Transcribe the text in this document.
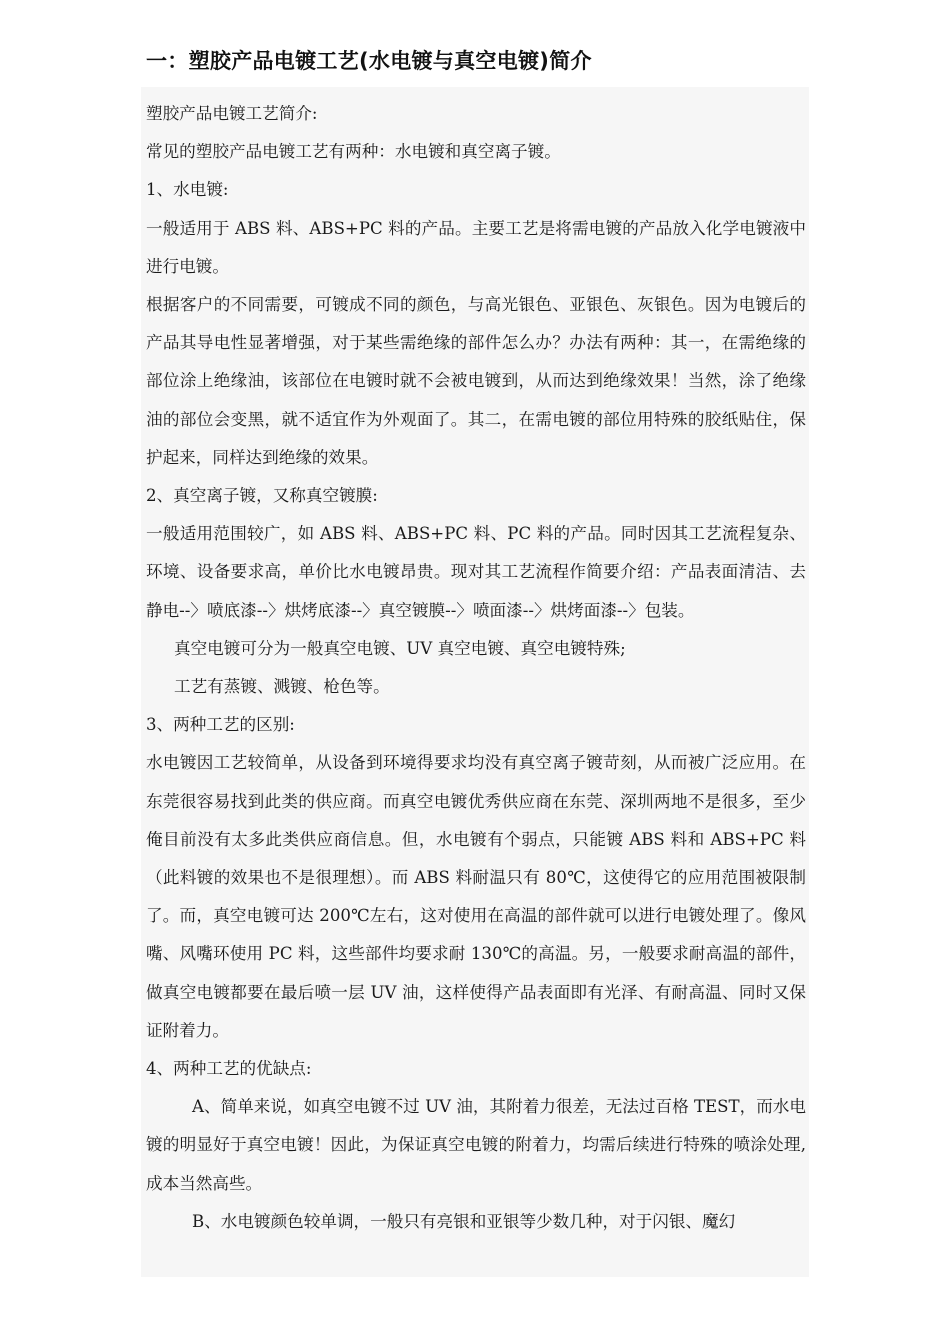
一：塑胶产品电镀工艺(水电镀与真空电镀)简介

塑胶产品电镀工艺简介:

常见的塑胶产品电镀工艺有两种：水电镀和真空离子镀。

1、水电镀:

一般适用于 ABS 料、ABS+PC 料的产品。主要工艺是将需电镀的产品放入化学电镀液中进行电镀。

根据客户的不同需要，可镀成不同的颜色，与高光银色、亚银色、灰银色。因为电镀后的产品其导电性显著增强，对于某些需绝缘的部件怎么办？办法有两种：其一，在需绝缘的部位涂上绝缘油，该部位在电镀时就不会被电镀到，从而达到绝缘效果！当然，涂了绝缘油的部位会变黑，就不适宜作为外观面了。其二，在需电镀的部位用特殊的胶纸贴住，保护起来，同样达到绝缘的效果。

2、真空离子镀，又称真空镀膜:

一般适用范围较广，如 ABS 料、ABS+PC 料、PC 料的产品。同时因其工艺流程复杂、环境、设备要求高，单价比水电镀昂贵。现对其工艺流程作简要介绍：产品表面清洁、去静电--〉喷底漆--〉烘烤底漆--〉真空镀膜--〉喷面漆--〉烘烤面漆--〉包装。

真空电镀可分为一般真空电镀、UV 真空电镀、真空电镀特殊;

工艺有蒸镀、溅镀、枪色等。

3、两种工艺的区别:

水电镀因工艺较简单，从设备到环境得要求均没有真空离子镀苛刻，从而被广泛应用。在东莞很容易找到此类的供应商。而真空电镀优秀供应商在东莞、深圳两地不是很多，至少俺目前没有太多此类供应商信息。但，水电镀有个弱点，只能镀 ABS 料和 ABS+PC 料（此料镀的效果也不是很理想）。而 ABS 料耐温只有 80℃，这使得它的应用范围被限制了。而，真空电镀可达 200℃左右，这对使用在高温的部件就可以进行电镀处理了。像风嘴、风嘴环使用 PC 料，这些部件均要求耐 130℃的高温。另，一般要求耐高温的部件，做真空电镀都要在最后喷一层 UV 油，这样使得产品表面即有光泽、有耐高温、同时又保证附着力。

4、两种工艺的优缺点:

A、简单来说，如真空电镀不过 UV 油，其附着力很差，无法过百格 TEST，而水电镀的明显好于真空电镀！因此，为保证真空电镀的附着力，均需后续进行特殊的喷涂处理,成本当然高些。

B、水电镀颜色较单调，一般只有亮银和亚银等少数几种，对于闪银、魔幻
